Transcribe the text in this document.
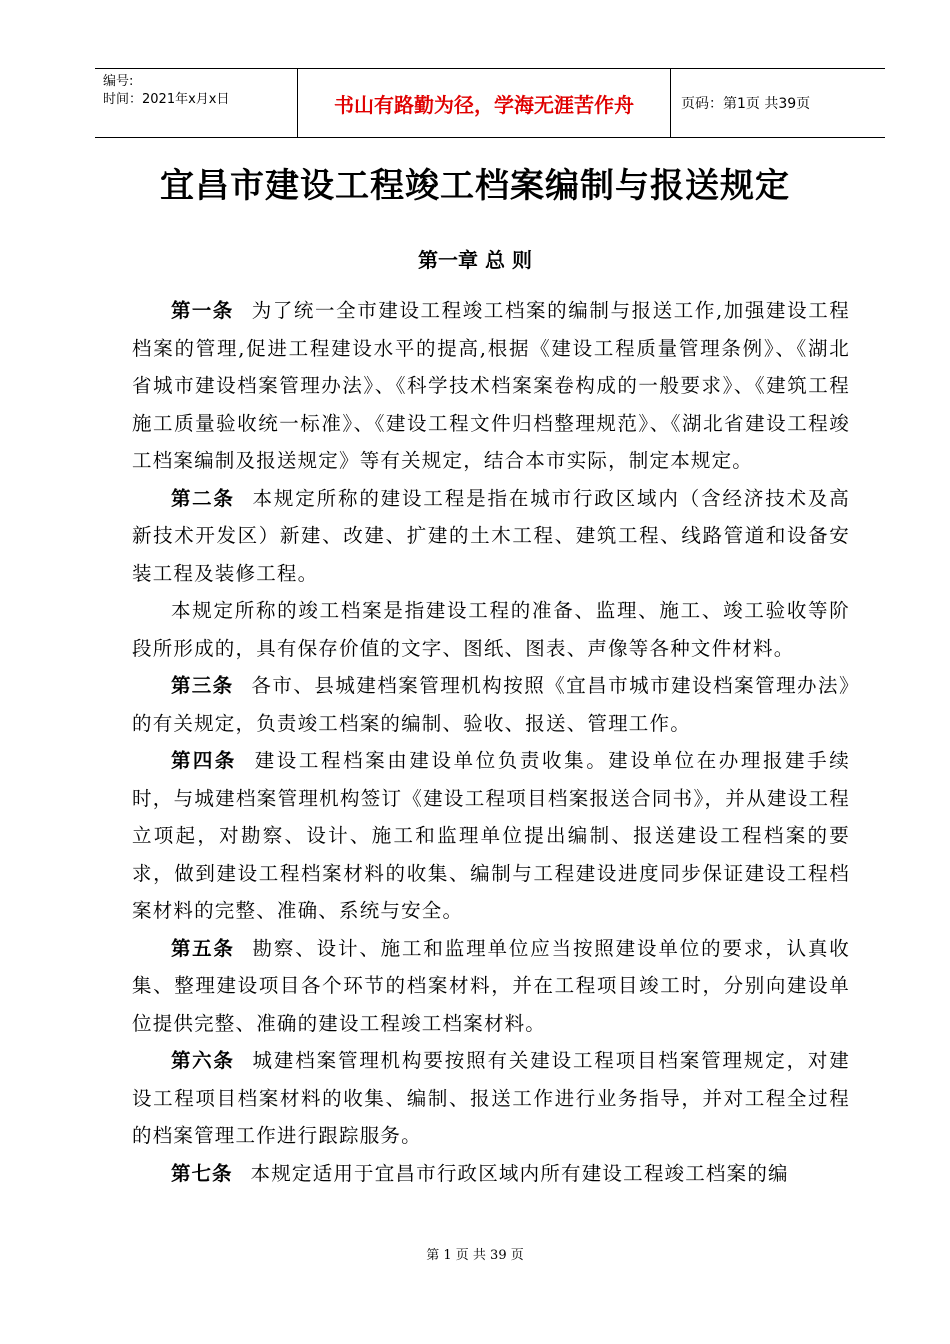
编号:
时间：2021年x月x日	书山有路勤为径，学海无涯苦作舟	页码：第1页 共39页
宜昌市建设工程竣工档案编制与报送规定
第一章 总 则

第一条 为了统一全市建设工程竣工档案的编制与报送工作,加强建设工程档案的管理,促进工程建设水平的提高,根据《建设工程质量管理条例》、《湖北省城市建设档案管理办法》、《科学技术档案案卷构成的一般要求》、《建筑工程施工质量验收统一标准》、《建设工程文件归档整理规范》、《湖北省建设工程竣工档案编制及报送规定》等有关规定，结合本市实际，制定本规定。

第二条 本规定所称的建设工程是指在城市行政区域内（含经济技术及高新技术开发区）新建、改建、扩建的土木工程、建筑工程、线路管道和设备安装工程及装修工程。

本规定所称的竣工档案是指建设工程的准备、监理、施工、竣工验收等阶段所形成的，具有保存价值的文字、图纸、图表、声像等各种文件材料。

第三条 各市、县城建档案管理机构按照《宜昌市城市建设档案管理办法》的有关规定，负责竣工档案的编制、验收、报送、管理工作。

第四条 建设工程档案由建设单位负责收集。建设单位在办理报建手续时，与城建档案管理机构签订《建设工程项目档案报送合同书》，并从建设工程立项起，对勘察、设计、施工和监理单位提出编制、报送建设工程档案的要求，做到建设工程档案材料的收集、编制与工程建设进度同步保证建设工程档案材料的完整、准确、系统与安全。

第五条 勘察、设计、施工和监理单位应当按照建设单位的要求，认真收集、整理建设项目各个环节的档案材料，并在工程项目竣工时，分别向建设单位提供完整、准确的建设工程竣工档案材料。

第六条 城建档案管理机构要按照有关建设工程项目档案管理规定，对建设工程项目档案材料的收集、编制、报送工作进行业务指导，并对工程全过程的档案管理工作进行跟踪服务。

第七条 本规定适用于宜昌市行政区域内所有建设工程竣工档案的编

第 1 页 共 39 页
